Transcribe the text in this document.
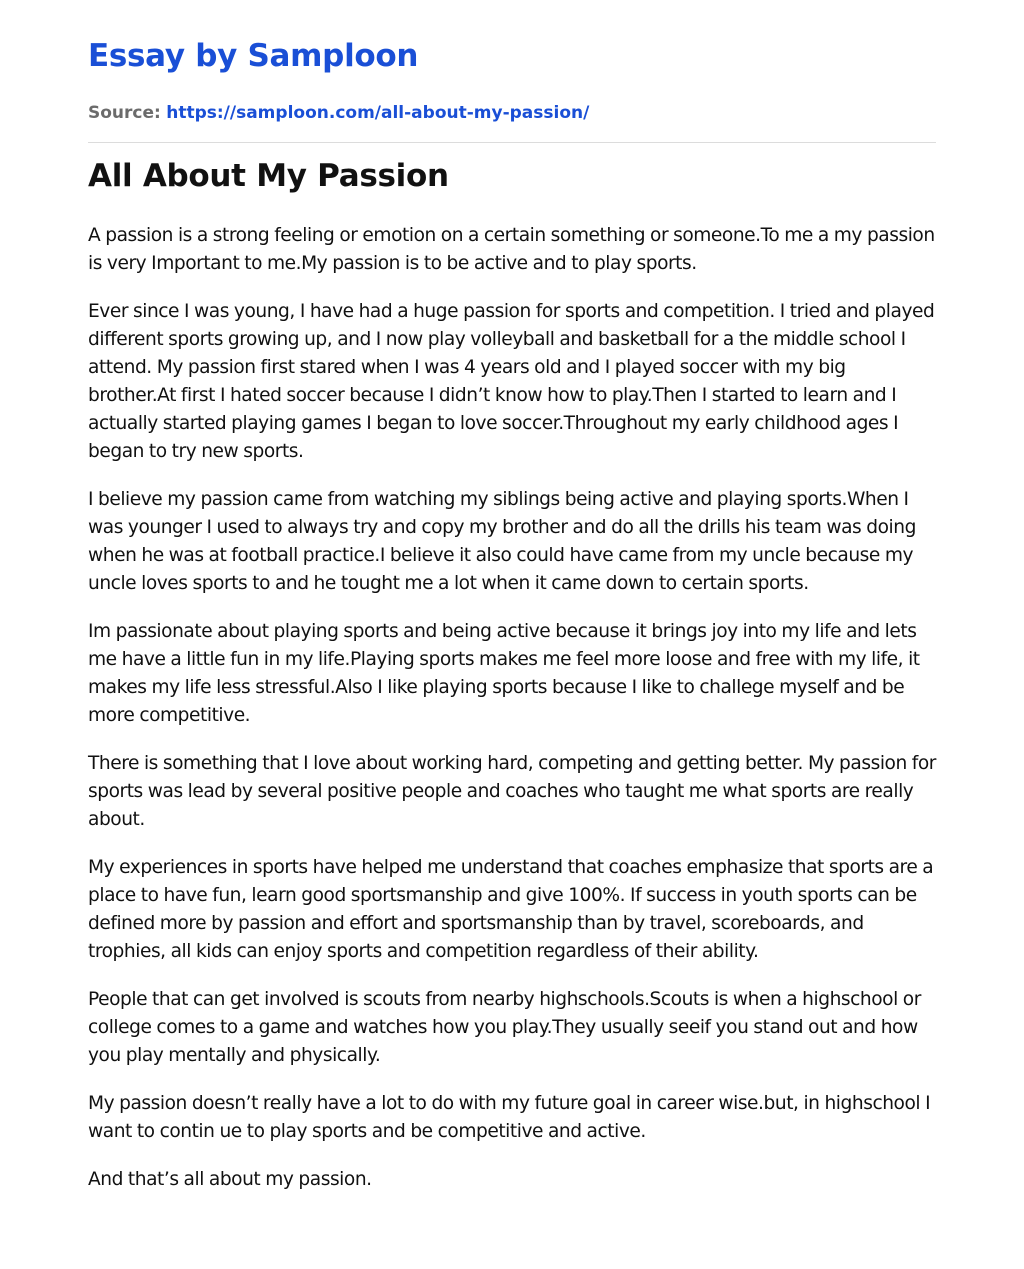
Essay by Samploon
Source: https://samploon.com/all-about-my-passion/
All About My Passion

A passion is a strong feeling or emotion on a certain something or someone.To me a my passion is very Important to me.My passion is to be active and to play sports.

Ever since I was young, I have had a huge passion for sports and competition. I tried and played different sports growing up, and I now play volleyball and basketball for a the middle school I attend. My passion first stared when I was 4 years old and I played soccer with my big brother.At first I hated soccer because I didn’t know how to play.Then I started to learn and I actually started playing games I began to love soccer.Throughout my early childhood ages I began to try new sports.

I believe my passion came from watching my siblings being active and playing sports.When I was younger I used to always try and copy my brother and do all the drills his team was doing when he was at football practice.I believe it also could have came from my uncle because my uncle loves sports to and he tought me a lot when it came down to certain sports.

Im passionate about playing sports and being active because it brings joy into my life and lets me have a little fun in my life.Playing sports makes me feel more loose and free with my life, it makes my life less stressful.Also I like playing sports because I like to challege myself and be more competitive.

There is something that I love about working hard, competing and getting better. My passion for sports was lead by several positive people and coaches who taught me what sports are really about.

My experiences in sports have helped me understand that coaches emphasize that sports are a place to have fun, learn good sportsmanship and give 100%. If success in youth sports can be defined more by passion and effort and sportsmanship than by travel, scoreboards, and trophies, all kids can enjoy sports and competition regardless of their ability.

People that can get involved is scouts from nearby highschools.Scouts is when a highschool or college comes to a game and watches how you play.They usually seeif you stand out and how you play mentally and physically.

My passion doesn’t really have a lot to do with my future goal in career wise.but, in highschool I want to contin ue to play sports and be competitive and active.

And that’s all about my passion.
